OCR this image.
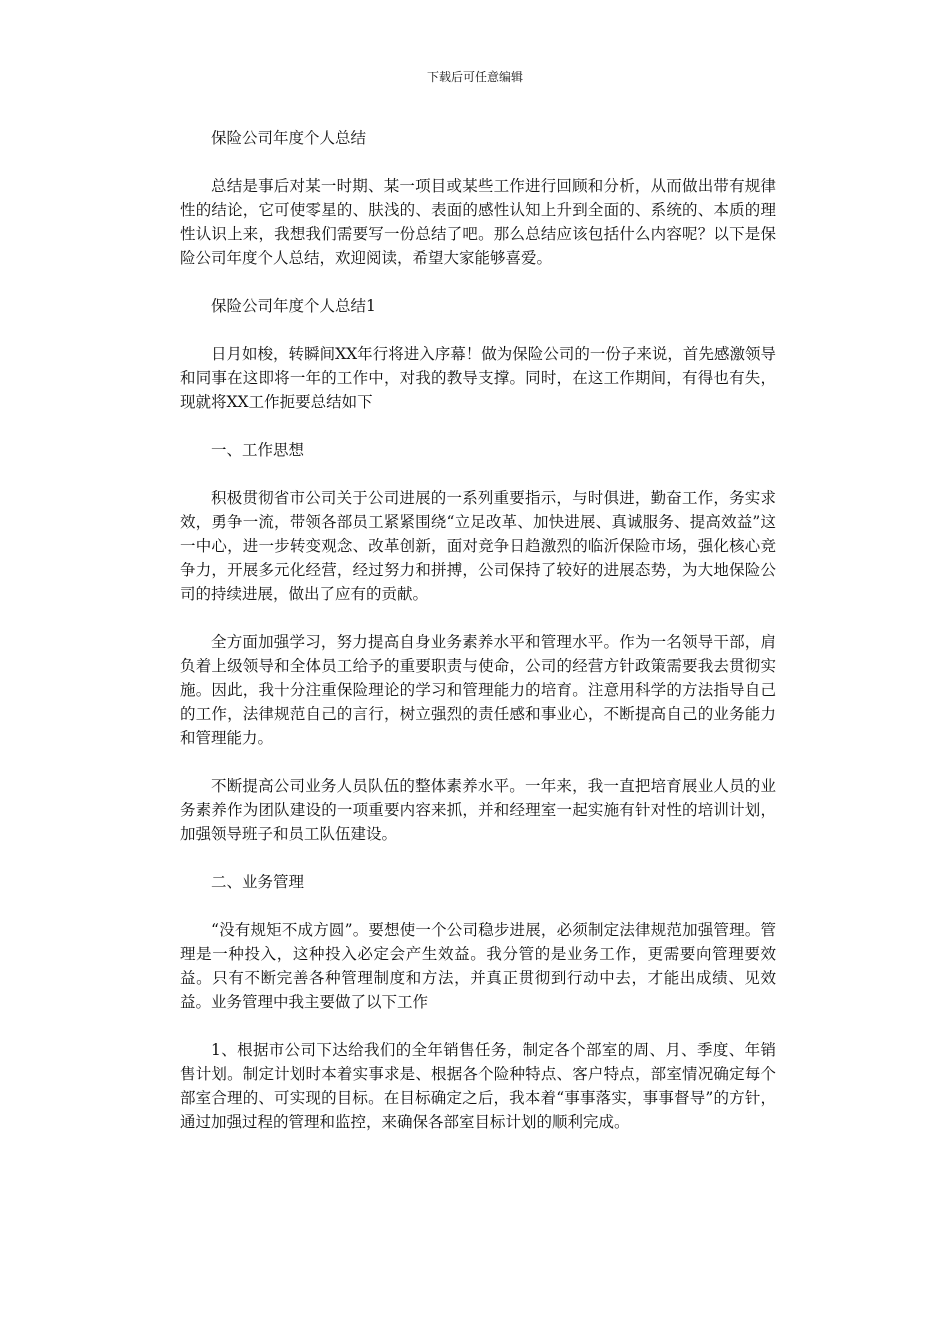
下载后可任意编辑

保险公司年度个人总结

总结是事后对某一时期、某一项目或某些工作进行回顾和分析，从而做出带有规律性的结论，它可使零星的、肤浅的、表面的感性认知上升到全面的、系统的、本质的理性认识上来，我想我们需要写一份总结了吧。那么总结应该包括什么内容呢？以下是保险公司年度个人总结，欢迎阅读，希望大家能够喜爱。

保险公司年度个人总结1

日月如梭，转瞬间XX年行将进入序幕！做为保险公司的一份子来说，首先感激领导和同事在这即将一年的工作中，对我的教导支撑。同时，在这工作期间，有得也有失，现就将XX工作扼要总结如下

一、工作思想

积极贯彻省市公司关于公司进展的一系列重要指示，与时俱进，勤奋工作，务实求效，勇争一流，带领各部员工紧紧围绕“立足改革、加快进展、真诚服务、提高效益”这一中心，进一步转变观念、改革创新，面对竞争日趋激烈的临沂保险市场，强化核心竞争力，开展多元化经营，经过努力和拼搏，公司保持了较好的进展态势，为大地保险公司的持续进展，做出了应有的贡献。

全方面加强学习，努力提高自身业务素养水平和管理水平。作为一名领导干部，肩负着上级领导和全体员工给予的重要职责与使命，公司的经营方针政策需要我去贯彻实施。因此，我十分注重保险理论的学习和管理能力的培育。注意用科学的方法指导自己的工作，法律规范自己的言行，树立强烈的责任感和事业心，不断提高自己的业务能力和管理能力。

不断提高公司业务人员队伍的整体素养水平。一年来，我一直把培育展业人员的业务素养作为团队建设的一项重要内容来抓，并和经理室一起实施有针对性的培训计划，加强领导班子和员工队伍建设。

二、业务管理

“没有规矩不成方圆”。要想使一个公司稳步进展，必须制定法律规范加强管理。管理是一种投入，这种投入必定会产生效益。我分管的是业务工作，更需要向管理要效益。只有不断完善各种管理制度和方法，并真正贯彻到行动中去，才能出成绩、见效益。业务管理中我主要做了以下工作

1、根据市公司下达给我们的全年销售任务，制定各个部室的周、月、季度、年销售计划。制定计划时本着实事求是、根据各个险种特点、客户特点，部室情况确定每个部室合理的、可实现的目标。在目标确定之后，我本着“事事落实，事事督导”的方针，通过加强过程的管理和监控，来确保各部室目标计划的顺利完成。
